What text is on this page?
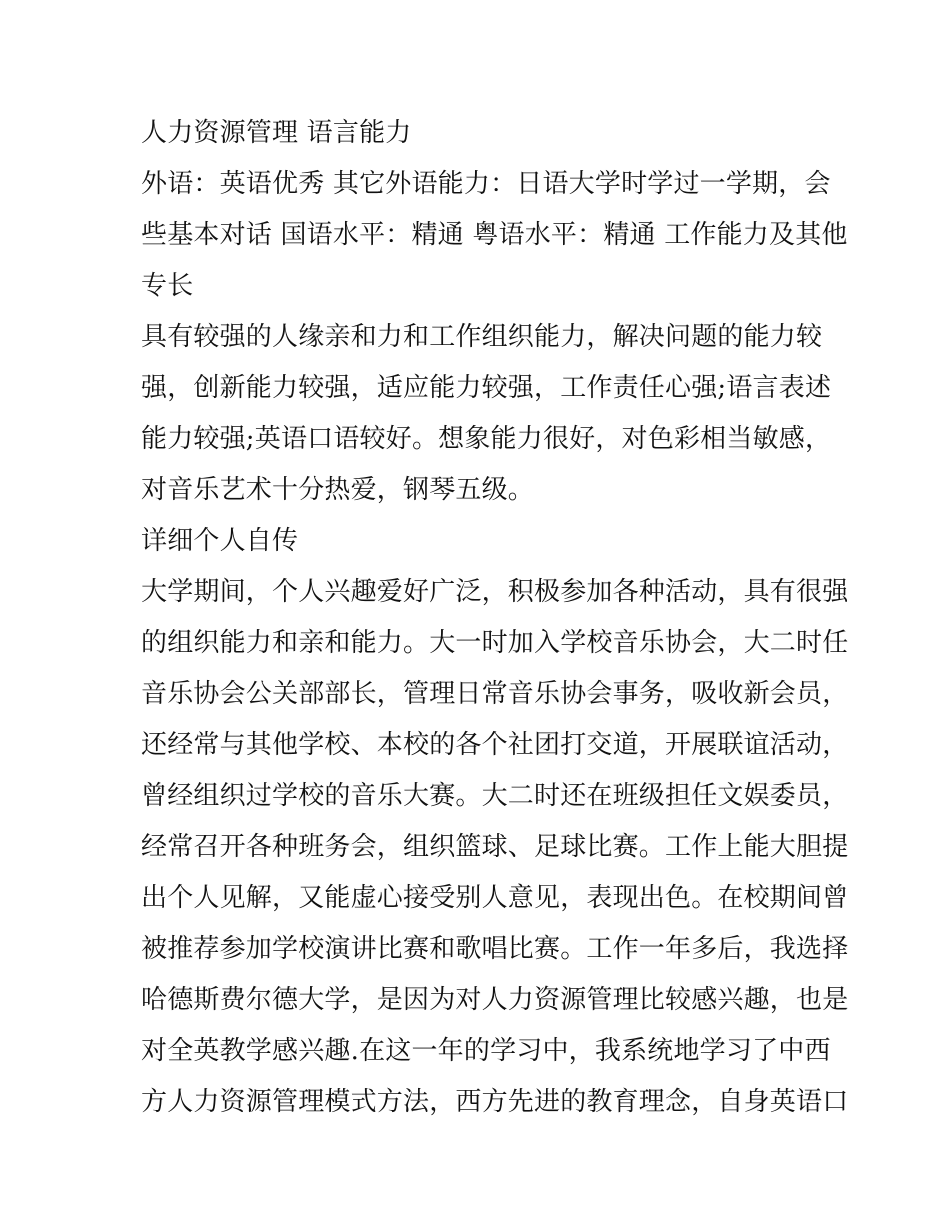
人力资源管理 语言能力
外语：英语优秀 其它外语能力：日语大学时学过一学期，会
些基本对话 国语水平：精通 粤语水平：精通 工作能力及其他
专长
具有较强的人缘亲和力和工作组织能力，解决问题的能力较
强，创新能力较强，适应能力较强，工作责任心强;语言表述
能力较强;英语口语较好。想象能力很好，对色彩相当敏感，
对音乐艺术十分热爱，钢琴五级。
详细个人自传
大学期间，个人兴趣爱好广泛，积极参加各种活动，具有很强
的组织能力和亲和能力。大一时加入学校音乐协会，大二时任
音乐协会公关部部长，管理日常音乐协会事务，吸收新会员，
还经常与其他学校、本校的各个社团打交道，开展联谊活动，
曾经组织过学校的音乐大赛。大二时还在班级担任文娱委员，
经常召开各种班务会，组织篮球、足球比赛。工作上能大胆提
出个人见解，又能虚心接受别人意见，表现出色。在校期间曾
被推荐参加学校演讲比赛和歌唱比赛。工作一年多后，我选择
哈德斯费尔德大学，是因为对人力资源管理比较感兴趣，也是
对全英教学感兴趣.在这一年的学习中，我系统地学习了中西
方人力资源管理模式方法，西方先进的教育理念，自身英语口
